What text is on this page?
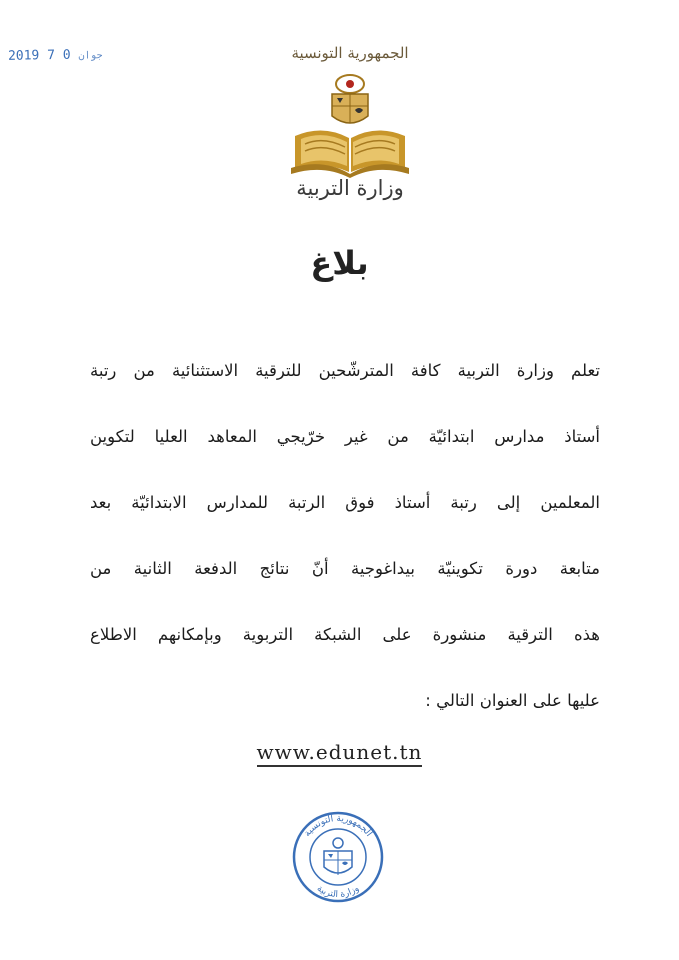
2019	جوان 0 7	الجمهورية التونسية
وزارة التربية
بلاغ
تعلم وزارة التربية كافة المترشّحين للترقية الاستثنائية من رتبة
أستاذ مدارس ابتدائيّة من غير خرّيجي المعاهد العليا لتكوين
المعلمين إلى رتبة أستاذ فوق الرتبة للمدارس الابتدائيّة بعد
متابعة دورة تكوينيّة بيداغوجية أنّ نتائج الدفعة الثانية من
هذه الترقية منشورة على الشبكة التربوية وبإمكانهم الاطلاع
عليها على العنوان التالي :
www.edunet.tn
الجمهورية التونسية
وزارة التربية
